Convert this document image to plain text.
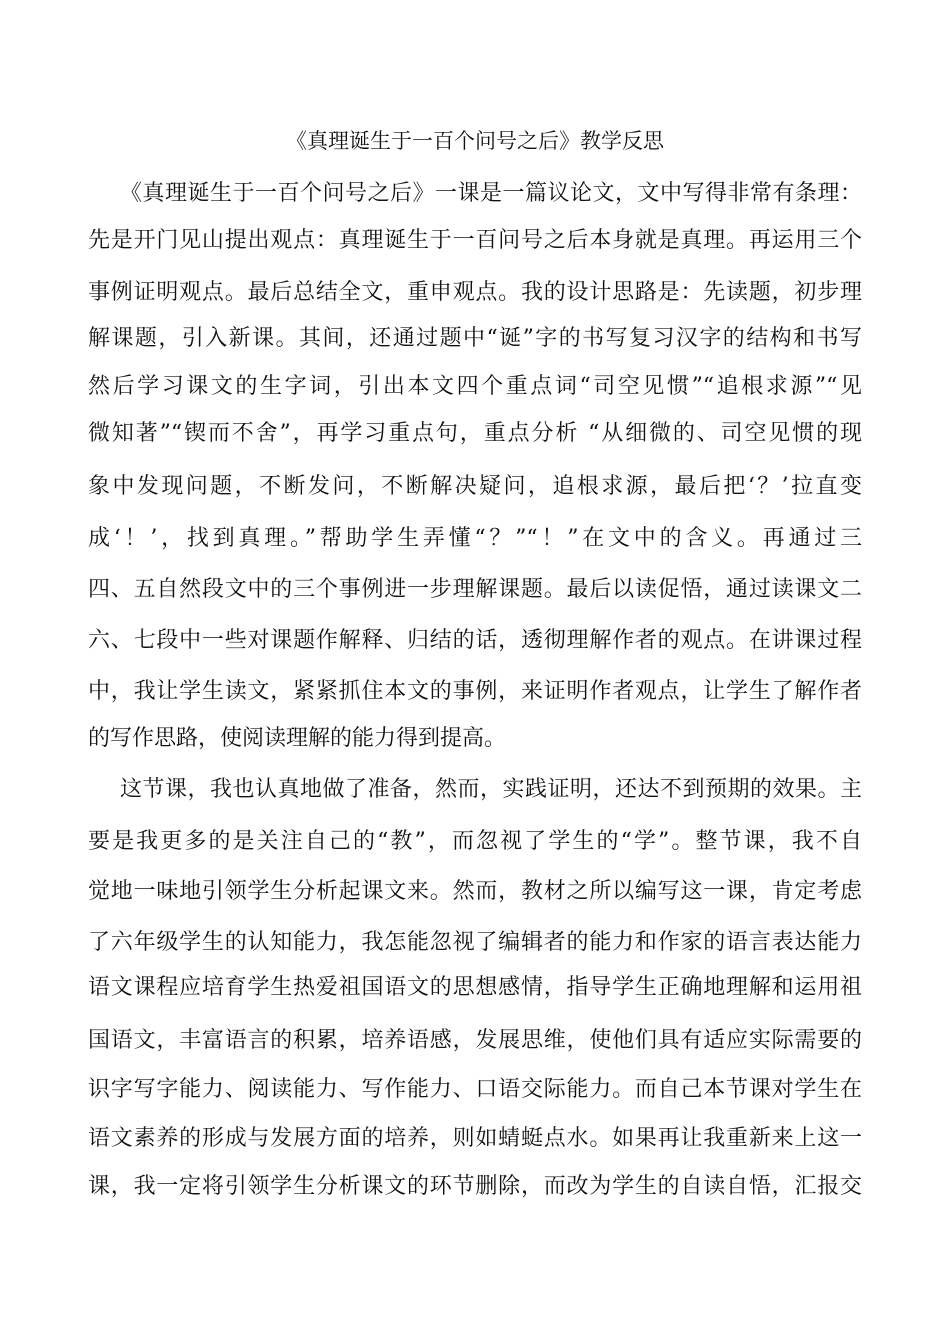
《真理诞生于一百个问号之后》教学反思
《真理诞生于一百个问号之后》一课是一篇议论文，文中写得非常有条理：
先是开门见山提出观点：真理诞生于一百问号之后本身就是真理。再运用三个
事例证明观点。最后总结全文，重申观点。我的设计思路是：先读题，初步理
解课题，引入新课。其间，还通过题中“诞”字的书写复习汉字的结构和书写
然后学习课文的生字词，引出本文四个重点词“司空见惯”“追根求源”“见
微知著”“锲而不舍”，再学习重点句，重点分析 “从细微的、司空见惯的现
象中发现问题，不断发问，不断解决疑问，追根求源，最后把‘？’拉直变
成‘！’，找到真理。”帮助学生弄懂“？”“！”在文中的含义。再通过三
四、五自然段文中的三个事例进一步理解课题。最后以读促悟，通过读课文二
六、七段中一些对课题作解释、归结的话，透彻理解作者的观点。在讲课过程
中，我让学生读文，紧紧抓住本文的事例，来证明作者观点，让学生了解作者
的写作思路，使阅读理解的能力得到提高。
这节课，我也认真地做了准备，然而，实践证明，还达不到预期的效果。主
要是我更多的是关注自己的“教”，而忽视了学生的“学”。整节课，我不自
觉地一味地引领学生分析起课文来。然而，教材之所以编写这一课，肯定考虑
了六年级学生的认知能力，我怎能忽视了编辑者的能力和作家的语言表达能力
语文课程应培育学生热爱祖国语文的思想感情，指导学生正确地理解和运用祖
国语文，丰富语言的积累，培养语感，发展思维，使他们具有适应实际需要的
识字写字能力、阅读能力、写作能力、口语交际能力。而自己本节课对学生在
语文素养的形成与发展方面的培养，则如蜻蜓点水。如果再让我重新来上这一
课，我一定将引领学生分析课文的环节删除，而改为学生的自读自悟，汇报交
